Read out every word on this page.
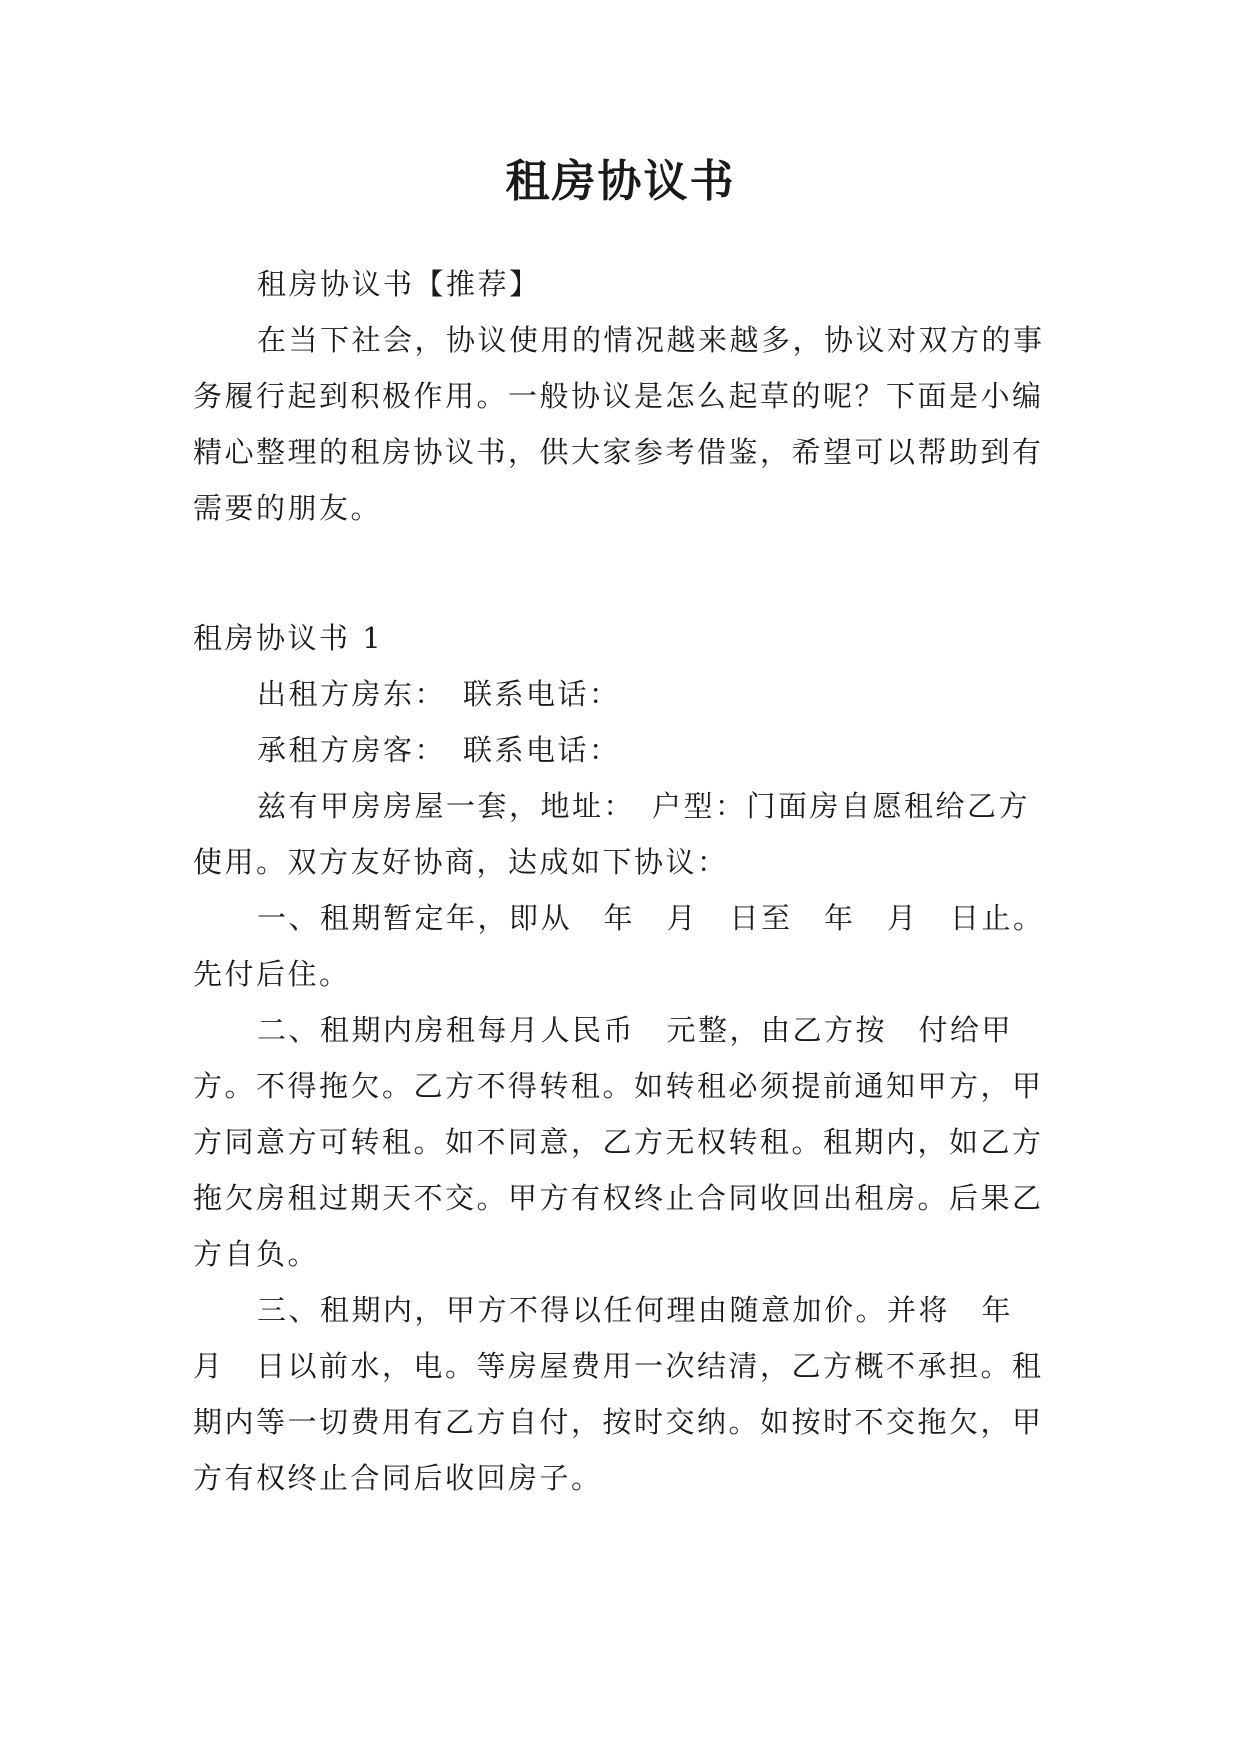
租房协议书

租房协议书【推荐】

在当下社会，协议使用的情况越来越多，协议对双方的事务履行起到积极作用。一般协议是怎么起草的呢？下面是小编精心整理的租房协议书，供大家参考借鉴，希望可以帮助到有需要的朋友。

租房协议书 1

出租方房东：　联系电话：

承租方房客：　联系电话：

兹有甲房房屋一套，地址：　户型：门面房自愿租给乙方使用。双方友好协商，达成如下协议：

一、租期暂定年，即从　年　月　日至　年　月　日止。先付后住。

二、租期内房租每月人民币　元整，由乙方按　付给甲方。不得拖欠。乙方不得转租。如转租必须提前通知甲方，甲方同意方可转租。如不同意，乙方无权转租。租期内，如乙方拖欠房租过期天不交。甲方有权终止合同收回出租房。后果乙方自负。

三、租期内，甲方不得以任何理由随意加价。并将　年　月　日以前水，电。等房屋费用一次结清，乙方概不承担。租期内等一切费用有乙方自付，按时交纳。如按时不交拖欠，甲方有权终止合同后收回房子。
